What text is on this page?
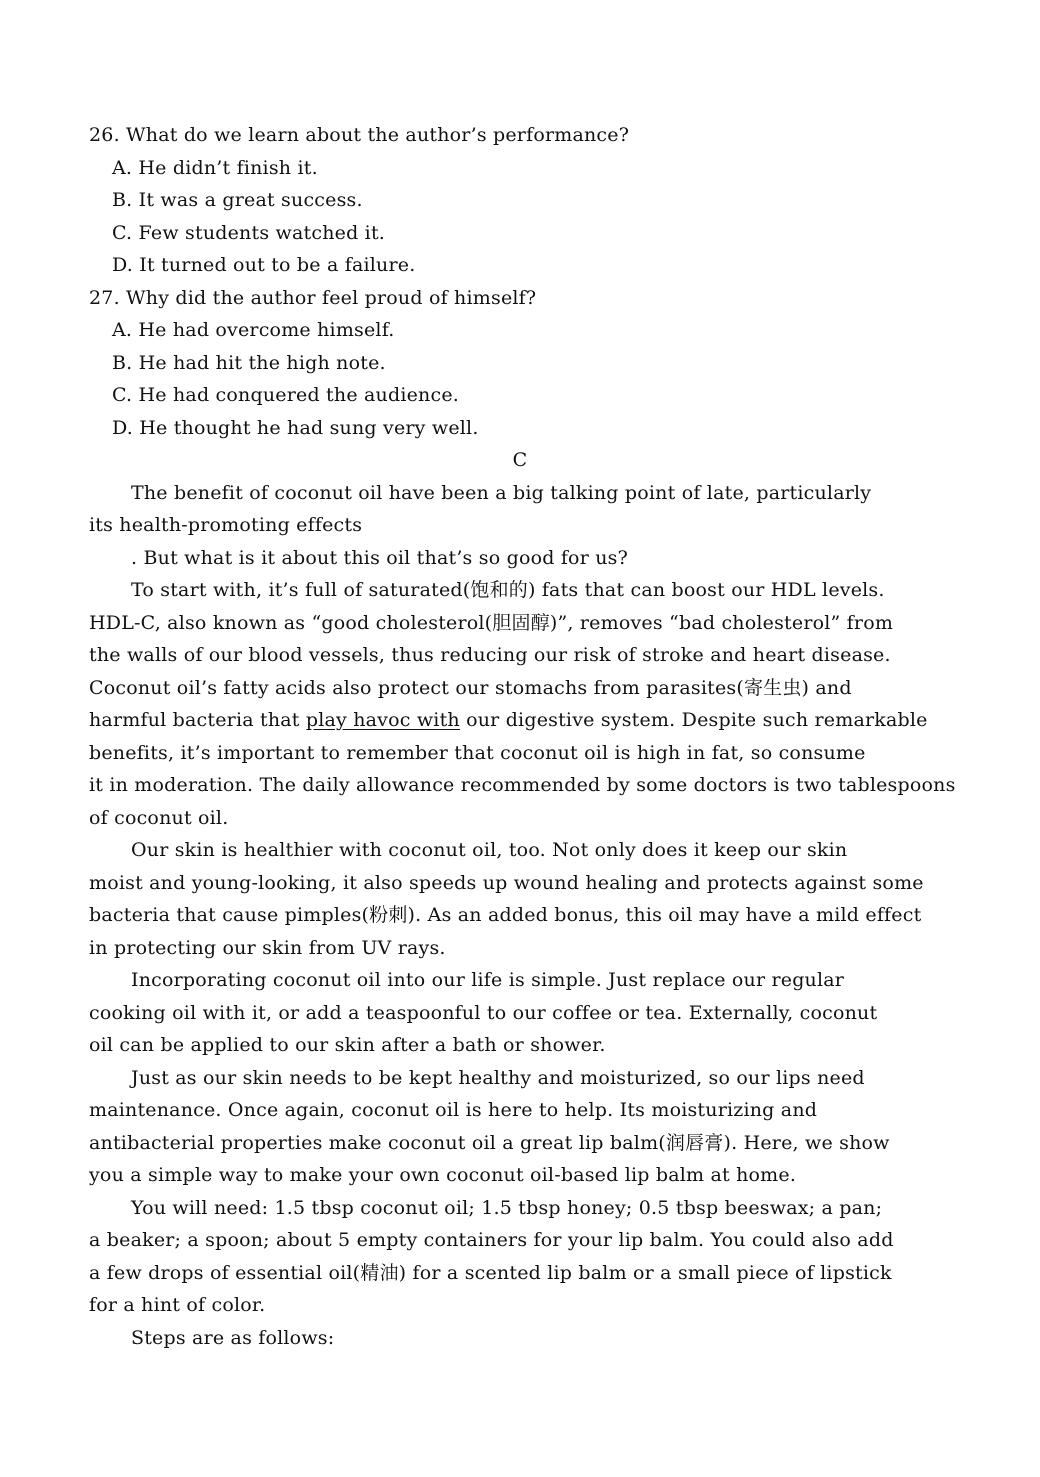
26. What do we learn about the author’s performance?
A. He didn’t finish it.
B. It was a great success.
C. Few students watched it.
D. It turned out to be a failure.
27. Why did the author feel proud of himself?
A. He had overcome himself.
B. He had hit the high note.
C. He had conquered the audience.
D. He thought he had sung very well.
C
The benefit of coconut oil have been a big talking point of late, particularly
its health-promoting effects
. But what is it about this oil that’s so good for us?
To start with, it’s full of saturated(饱和的) fats that can boost our HDL levels.
HDL-C, also known as “good cholesterol(胆固醇)”, removes “bad cholesterol” from
the walls of our blood vessels, thus reducing our risk of stroke and heart disease.
Coconut oil’s fatty acids also protect our stomachs from parasites(寄生虫) and
harmful bacteria that play havoc with our digestive system. Despite such remarkable
benefits, it’s important to remember that coconut oil is high in fat, so consume
it in moderation. The daily allowance recommended by some doctors is two tablespoons
of coconut oil.
Our skin is healthier with coconut oil, too. Not only does it keep our skin
moist and young-looking, it also speeds up wound healing and protects against some
bacteria that cause pimples(粉刺). As an added bonus, this oil may have a mild effect
in protecting our skin from UV rays.
Incorporating coconut oil into our life is simple. Just replace our regular
cooking oil with it, or add a teaspoonful to our coffee or tea. Externally, coconut
oil can be applied to our skin after a bath or shower.
Just as our skin needs to be kept healthy and moisturized, so our lips need
maintenance. Once again, coconut oil is here to help. Its moisturizing and
antibacterial properties make coconut oil a great lip balm(润唇膏). Here, we show
you a simple way to make your own coconut oil-based lip balm at home.
You will need: 1.5 tbsp coconut oil; 1.5 tbsp honey; 0.5 tbsp beeswax; a pan;
a beaker; a spoon; about 5 empty containers for your lip balm. You could also add
a few drops of essential oil(精油) for a scented lip balm or a small piece of lipstick
for a hint of color.
Steps are as follows:
